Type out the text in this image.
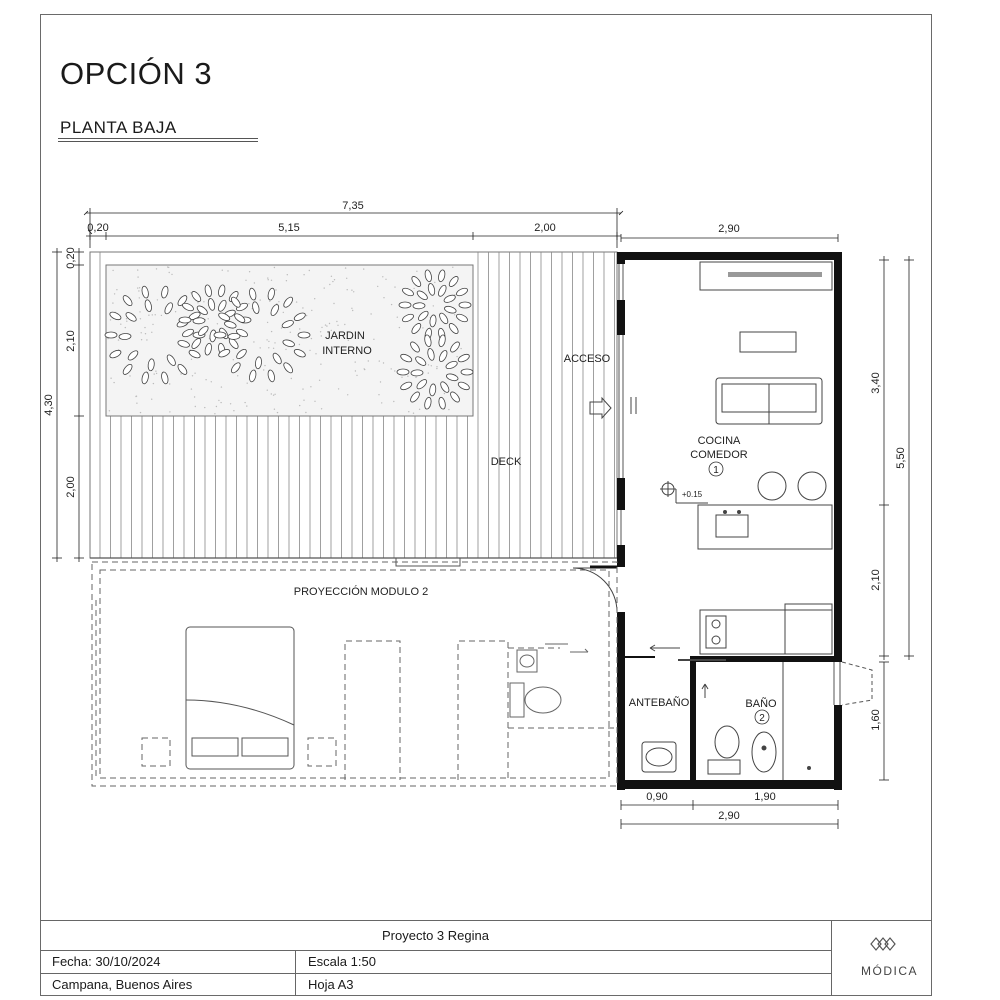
OPCIÓN 3
PLANTA BAJA
7,35
0,20	5,15	2,00	2,90
4,30
0,20
2,10
2,00
3,40
2,10
5,50
1,60
0,90	1,90
2,90
JARDIN
INTERNO
ACCESO
DECK
COCINA
COMEDOR
1
+0.15
PROYECCIÓN MODULO 2
ANTEBAÑO	BAÑO
2
Proyecto 3 Regina
Fecha: 30/10/2024	Escala 1:50
Campana, Buenos Aires	Hoja A3
MÓDICA
